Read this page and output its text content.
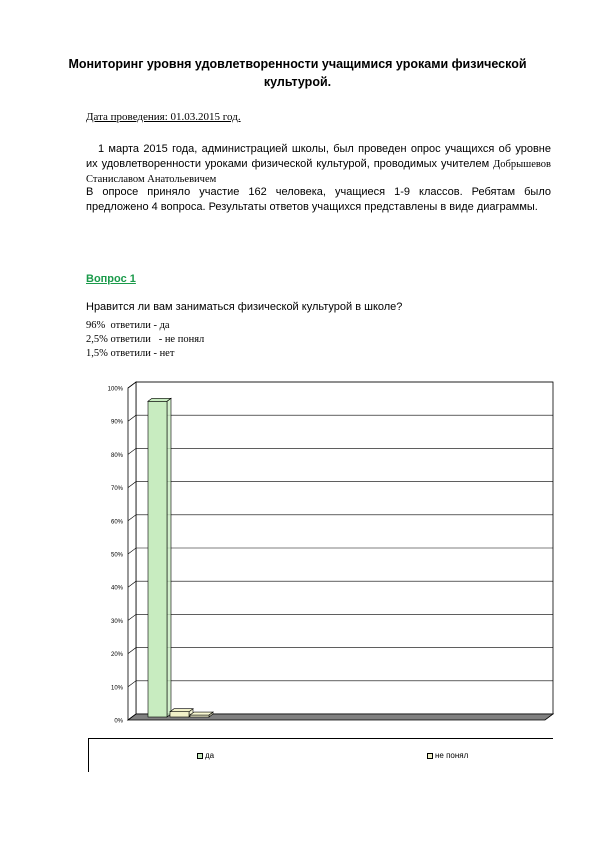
Мониторинг уровня удовлетворенности учащимися уроками физической культурой.
Дата проведения: 01.03.2015 год.
1 марта 2015 года, администрацией школы, был проведен опрос учащихся об уровне их удовлетворенности уроками физической культурой, проводимых учителем Добрышевов Станиславом Анатольевичем
В опросе приняло участие 162 человека, учащиеся 1-9 классов. Ребятам было предложено 4 вопроса. Результаты ответов учащихся представлены в виде диаграммы.
Вопрос 1
Нравится ли вам заниматься физической культурой в школе?
96%  ответили - да
2,5% ответили   - не понял
1,5% ответили - нет
0%
10%
20%
30%
40%
50%
60%
70%
80%
90%
100%
да	не понял
